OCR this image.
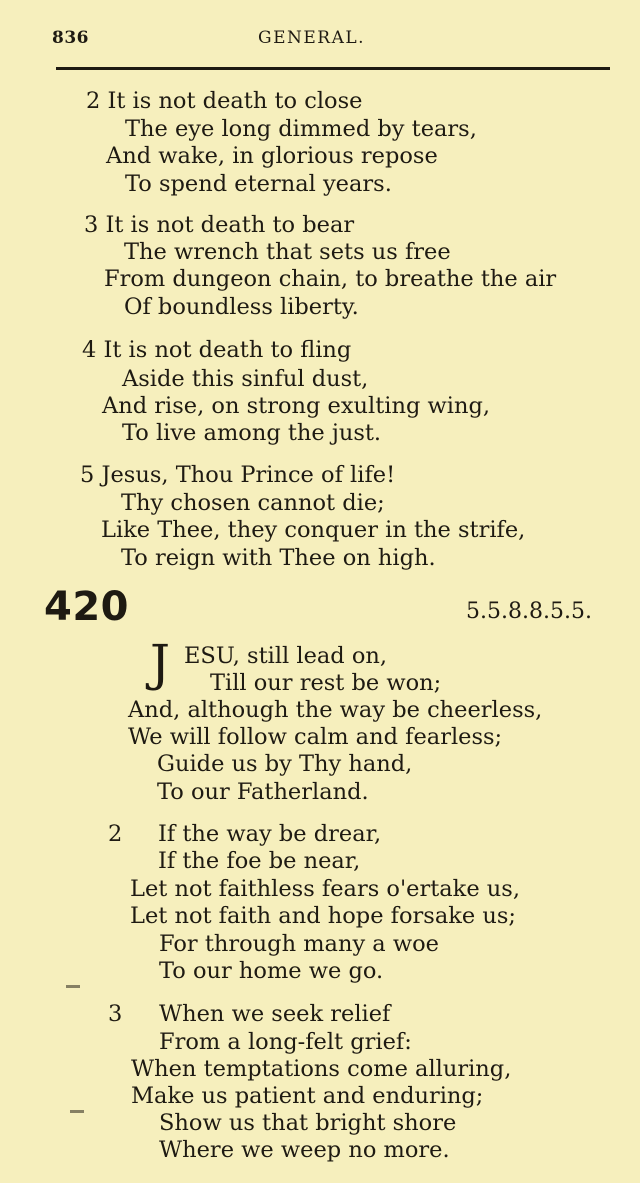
836	GENERAL.
2 It is not death to close
The eye long dimmed by tears,
And wake, in glorious repose
To spend eternal years.
3 It is not death to bear
The wrench that sets us free
From dungeon chain, to breathe the air
Of boundless liberty.
4 It is not death to fling
Aside this sinful dust,
And rise, on strong exulting wing,
To live among the just.
5 Jesus, Thou Prince of life!
Thy chosen cannot die;
Like Thee, they conquer in the strife,
To reign with Thee on high.
420	5.5.8.8.5.5.
J ESU, still lead on,
Till our rest be won;
And, although the way be cheerless,
We will follow calm and fearless;
Guide us by Thy hand,
To our Fatherland.
2 If the way be drear,
If the foe be near,
Let not faithless fears o'ertake us,
Let not faith and hope forsake us;
For through many a woe
To our home we go.
3 When we seek relief
From a long-felt grief:
When temptations come alluring,
Make us patient and enduring;
Show us that bright shore
Where we weep no more.
